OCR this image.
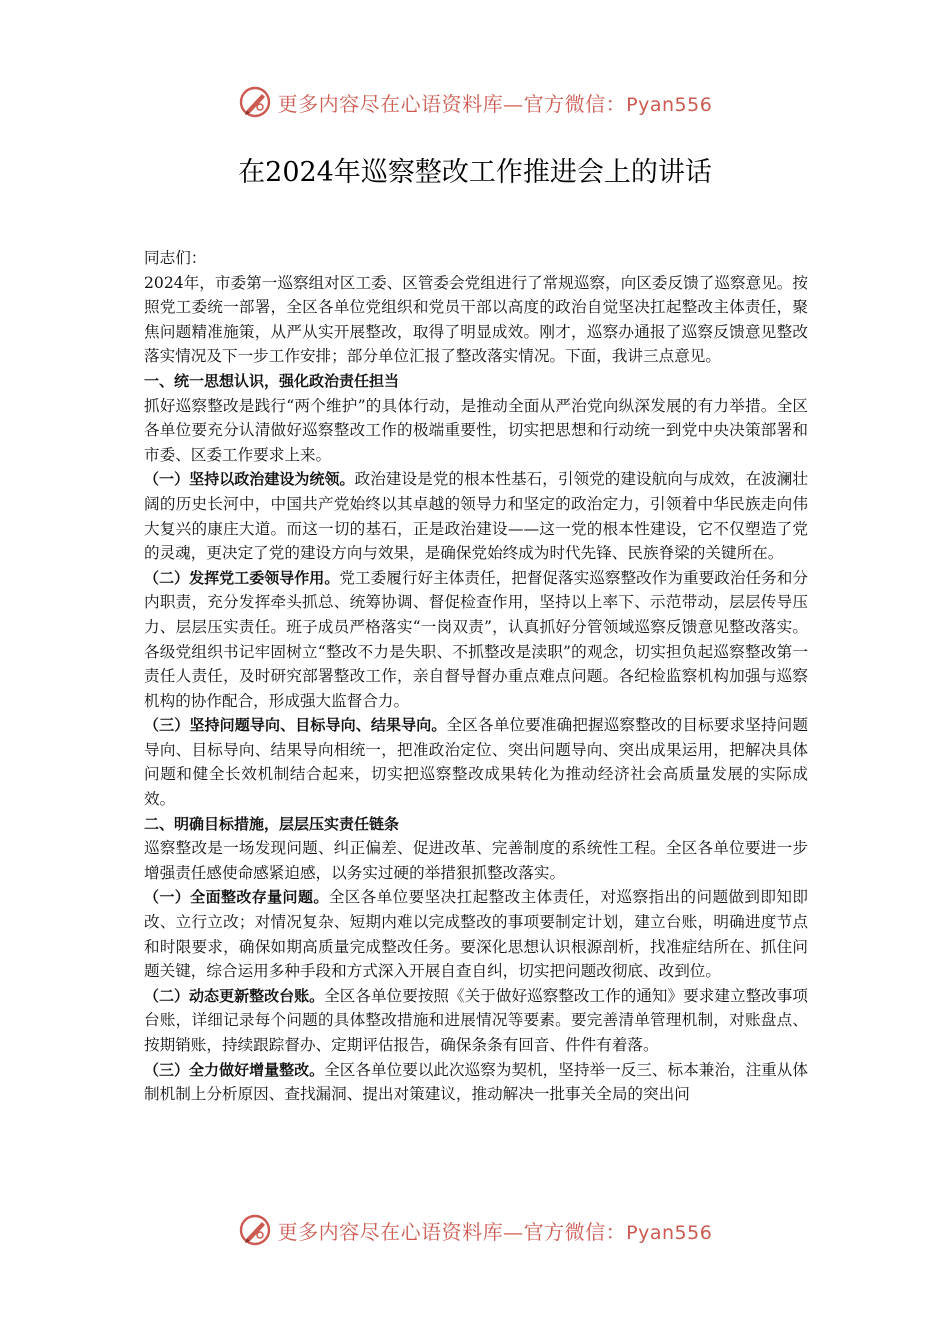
更多内容尽在心语资料库—官方微信：Pyan556
在2024年巡察整改工作推进会上的讲话

同志们：

2024年，市委第一巡察组对区工委、区管委会党组进行了常规巡察，向区委反馈了巡察意见。按照党工委统一部署，全区各单位党组织和党员干部以高度的政治自觉坚决扛起整改主体责任，聚焦问题精准施策，从严从实开展整改，取得了明显成效。刚才，巡察办通报了巡察反馈意见整改落实情况及下一步工作安排；部分单位汇报了整改落实情况。下面，我讲三点意见。

一、统一思想认识，强化政治责任担当

抓好巡察整改是践行“两个维护”的具体行动，是推动全面从严治党向纵深发展的有力举措。全区各单位要充分认清做好巡察整改工作的极端重要性，切实把思想和行动统一到党中央决策部署和市委、区委工作要求上来。

（一）坚持以政治建设为统领。政治建设是党的根本性基石，引领党的建设航向与成效，在波澜壮阔的历史长河中，中国共产党始终以其卓越的领导力和坚定的政治定力，引领着中华民族走向伟大复兴的康庄大道。而这一切的基石，正是政治建设——这一党的根本性建设，它不仅塑造了党的灵魂，更决定了党的建设方向与效果，是确保党始终成为时代先锋、民族脊梁的关键所在。

（二）发挥党工委领导作用。党工委履行好主体责任，把督促落实巡察整改作为重要政治任务和分内职责，充分发挥牵头抓总、统筹协调、督促检查作用，坚持以上率下、示范带动，层层传导压力、层层压实责任。班子成员严格落实“一岗双责”，认真抓好分管领域巡察反馈意见整改落实。各级党组织书记牢固树立“整改不力是失职、不抓整改是渎职”的观念，切实担负起巡察整改第一责任人责任，及时研究部署整改工作，亲自督导督办重点难点问题。各纪检监察机构加强与巡察机构的协作配合，形成强大监督合力。

（三）坚持问题导向、目标导向、结果导向。全区各单位要准确把握巡察整改的目标要求坚持问题导向、目标导向、结果导向相统一，把准政治定位、突出问题导向、突出成果运用，把解决具体问题和健全长效机制结合起来，切实把巡察整改成果转化为推动经济社会高质量发展的实际成效。

二、明确目标措施，层层压实责任链条

巡察整改是一场发现问题、纠正偏差、促进改革、完善制度的系统性工程。全区各单位要进一步增强责任感使命感紧迫感，以务实过硬的举措狠抓整改落实。

（一）全面整改存量问题。全区各单位要坚决扛起整改主体责任，对巡察指出的问题做到即知即改、立行立改；对情况复杂、短期内难以完成整改的事项要制定计划，建立台账，明确进度节点和时限要求，确保如期高质量完成整改任务。要深化思想认识根源剖析，找准症结所在、抓住问题关键，综合运用多种手段和方式深入开展自查自纠，切实把问题改彻底、改到位。

（二）动态更新整改台账。全区各单位要按照《关于做好巡察整改工作的通知》要求建立整改事项台账，详细记录每个问题的具体整改措施和进展情况等要素。要完善清单管理机制，对账盘点、按期销账，持续跟踪督办、定期评估报告，确保条条有回音、件件有着落。

（三）全力做好增量整改。全区各单位要以此次巡察为契机，坚持举一反三、标本兼治，注重从体制机制上分析原因、查找漏洞、提出对策建议，推动解决一批事关全局的突出问

更多内容尽在心语资料库—官方微信：Pyan556
